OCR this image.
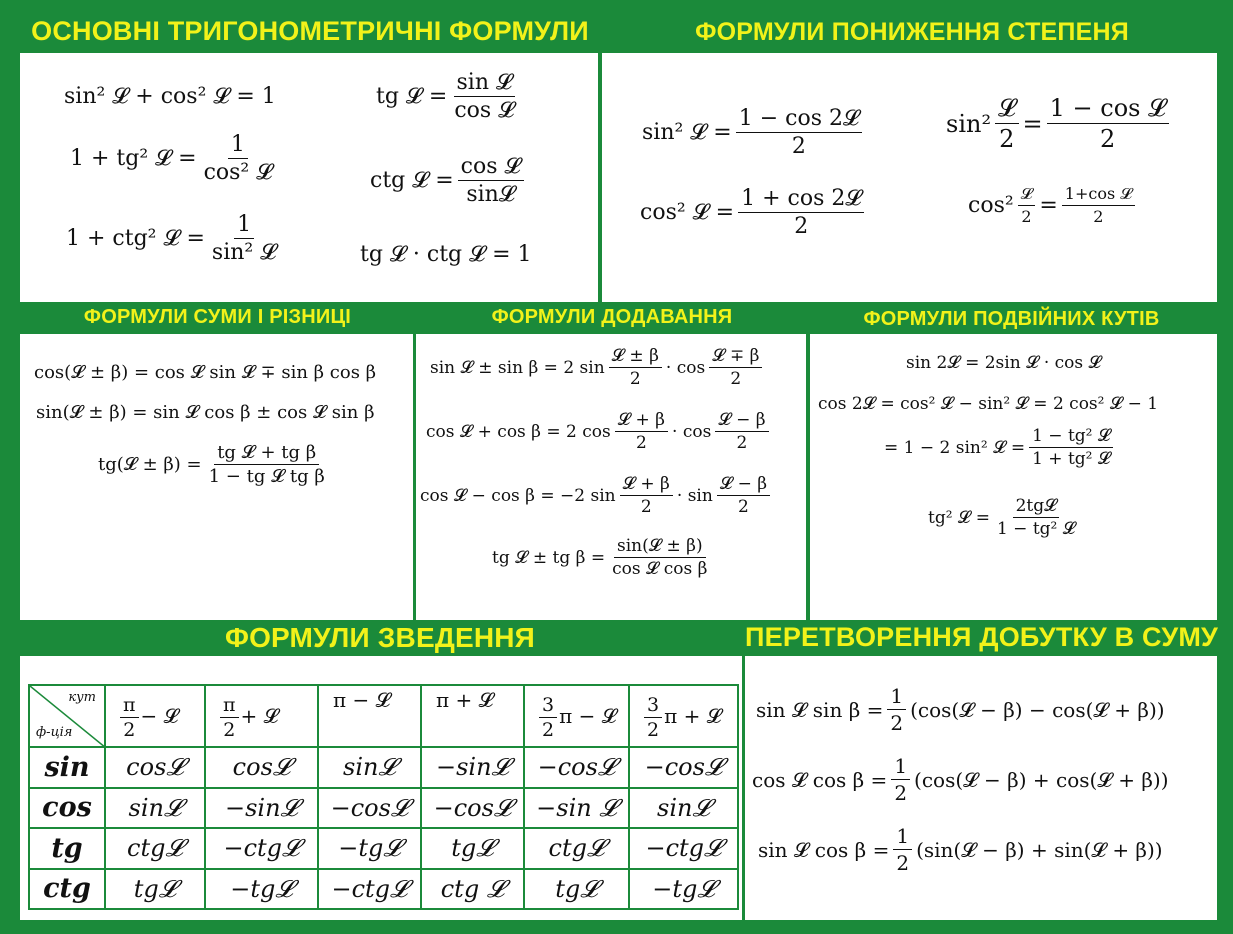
ОСНОВНІ ТРИГОНОМЕТРИЧНІ ФОРМУЛИ	ФОРМУЛИ ПОНИЖЕННЯ СТЕПЕНЯ
ФОРМУЛИ СУМИ І РІЗНИЦІ	ФОРМУЛИ ДОДАВАННЯ	ФОРМУЛИ ПОДВІЙНИХ КУТІВ
ФОРМУЛИ ЗВЕДЕННЯ	ПЕРЕТВОРЕННЯ ДОБУТКУ В СУМУ
sin² 𝓛 + cos² 𝓛 = 1
1 + tg² 𝓛 = $\frac{1}{\text{cos² 𝓛}}$
1 + ctg² 𝓛 = $\frac{1}{\text{sin² 𝓛}}$
tg 𝓛 = $\frac{\text{sin 𝓛}}{\text{cos 𝓛}}$
ctg 𝓛 = $\frac{\text{cos 𝓛}}{\text{sin𝓛}}$
tg 𝓛 · ctg 𝓛 = 1
sin² 𝓛 = $\frac{\text{1 − cos 2𝓛}}{2}$
cos² 𝓛 = $\frac{\text{1 + cos 2𝓛}}{2}$
$\sin^2 \frac{\text{𝓛}}{2} = \frac{\text{1 − cos 𝓛}}{2}$
$\cos^2 \frac{\text{𝓛}}{2} = \frac{\text{1+cos 𝓛}}{2}$
cos(𝓛 ± β) = cos 𝓛 sin 𝓛 ∓ sin β cos β
sin(𝓛 ± β) = sin 𝓛 cos β ± cos 𝓛 sin β
tg(𝓛 ± $\beta) = \frac{\text{tg 𝓛 + tg β}}{\text{1 − tg 𝓛 tg β}}$
sin 𝓛 ± sin β = 2 $\sin \frac{\text{𝓛 ± β}}{2} \cdot \cos \frac{\text{𝓛 ∓ β}}{2}$
cos 𝓛 + cos β = 2 $\cos \frac{\text{𝓛 + β}}{2} \cdot \cos \frac{\text{𝓛 − β}}{2}$
cos 𝓛 − cos β = −2 $\sin \frac{\text{𝓛 + β}}{2} \cdot \sin \frac{\text{𝓛 − β}}{2}$
tg 𝓛 ± tg $\beta = \frac{\text{sin(𝓛 ± β)}}{\text{cos 𝓛 cos β}}$
sin 2𝓛 = 2sin 𝓛 · cos 𝓛
cos 2𝓛 = cos² 𝓛 − sin² 𝓛 = 2 cos² 𝓛 − 1
= 1 − 2 sin² 𝓛 = $\frac{\text{1 − tg² 𝓛}}{\text{1 + tg² 𝓛}}$
tg² 𝓛 = $\frac{\text{2tg𝓛}}{\text{1 − tg² 𝓛}}$
кут
ф-ція	$\frac{\pi}{2}$ − 𝓛	$\frac{\pi}{2}$ + 𝓛	π − 𝓛	π + 𝓛	$\frac{3}{2}$ π − 𝓛	$\frac{3}{2}$ π + 𝓛
sin	cos𝓛	cos𝓛	sin𝓛	−sin𝓛	−cos𝓛	−cos𝓛
cos	sin𝓛	−sin𝓛	−cos𝓛	−cos𝓛	−sin 𝓛	sin𝓛
tg	ctg𝓛	−ctg𝓛	−tg𝓛	tg𝓛	ctg𝓛	−ctg𝓛
ctg	tg𝓛	−tg𝓛	−ctg𝓛	ctg 𝓛	tg𝓛	−tg𝓛
sin 𝓛 $\sin \beta = \frac{1}{2}$ (cos(𝓛 − β) − cos(𝓛 + β))
cos 𝓛 $\cos \beta = \frac{1}{2}$ (cos(𝓛 − β) + cos(𝓛 + β))
sin 𝓛 $\cos \beta = \frac{1}{2}$ (sin(𝓛 − β) + sin(𝓛 + β))
